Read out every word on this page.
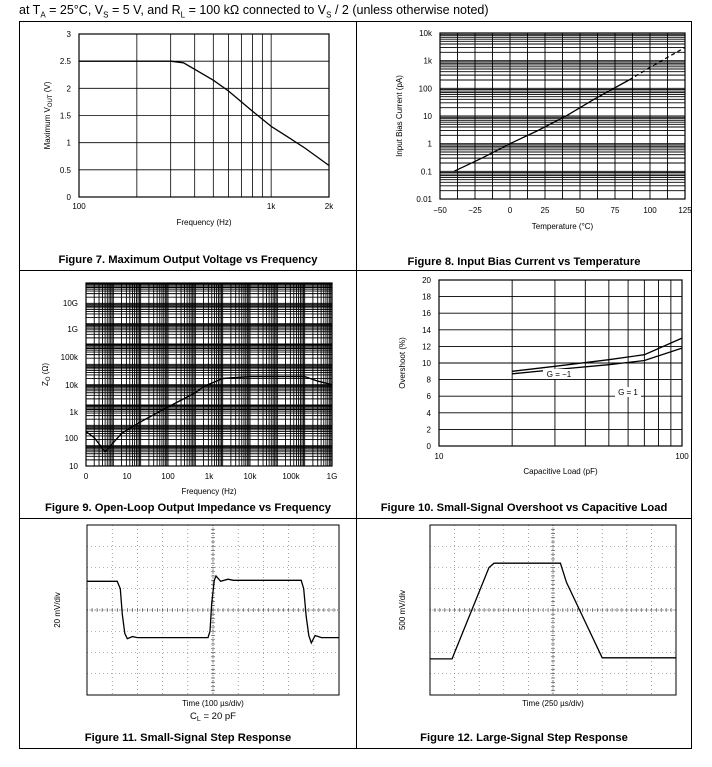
at $T_A = 25^\circ C$, $V_S = 5$ V, and $R_L = 100$ kΩ connected to $V_S / 2$ (unless otherwise noted)
0
0.5
1
1.5
2
2.5
3
100	1k	2k
Frequency (Hz)
Maximum $V_{OUT}$ (V)
Figure 7. Maximum Output Voltage vs Frequency
0.01
0.1
1
10
100
1k
10k
−50	−25	0	25	50	75	100	125
Temperature (°C)
Input Bias Current (pA)
Figure 8. Input Bias Current vs Temperature
10
100
1k
10k
100k
1G
10G
0	10	100	1k	10k	100k	1G
Frequency (Hz)
$Z_O$ (Ω)
Figure 9. Open-Loop Output Impedance vs Frequency
0
2
4
6
8
10
12
14
16
18
20
10	100
Capacitive Load (pF)
Overshoot (%)	G = −1
G = 1
Figure 10. Small-Signal Overshoot vs Capacitive Load
20 mV/div
Time (100 µs/div)
$C_L = 20$ pF
Figure 11. Small-Signal Step Response
500 mV/div
Time (250 µs/div)
Figure 12. Large-Signal Step Response
